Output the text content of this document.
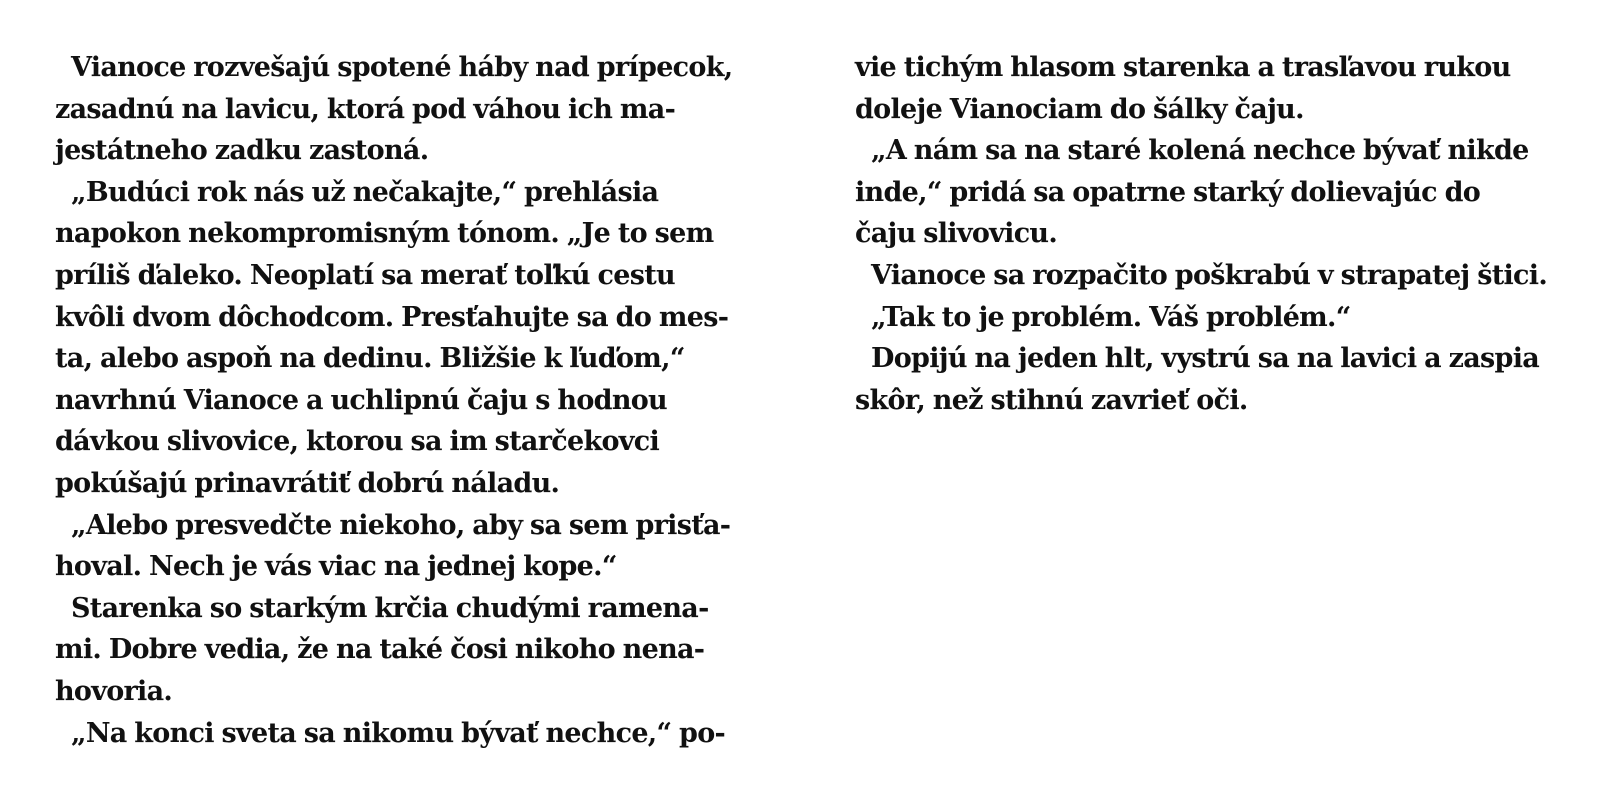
Vianoce rozvešajú spotené háby nad prípecok,
zasadnú na lavicu, ktorá pod váhou ich ma-
jestátneho zadku zastoná.
„Budúci rok nás už nečakajte,“ prehlásia
napokon nekompromisným tónom. „Je to sem
príliš ďaleko. Neoplatí sa merať toľkú cestu
kvôli dvom dôchodcom. Presťahujte sa do mes-
ta, alebo aspoň na dedinu. Bližšie k ľuďom,“
navrhnú Vianoce a uchlipnú čaju s hodnou
dávkou slivovice, ktorou sa im starčekovci
pokúšajú prinavrátiť dobrú náladu.
„Alebo presvedčte niekoho, aby sa sem prisťa-
hoval. Nech je vás viac na jednej kope.“
Starenka so starkým krčia chudými ramena-
mi. Dobre vedia, že na také čosi nikoho nena-
hovoria.
„Na konci sveta sa nikomu bývať nechce,“ po-
vie tichým hlasom starenka a trasľavou rukou
doleje Vianociam do šálky čaju.
„A nám sa na staré kolená nechce bývať nikde
inde,“ pridá sa opatrne starký dolievajúc do
čaju slivovicu.
Vianoce sa rozpačito poškrabú v strapatej štici.
„Tak to je problém. Váš problém.“
Dopijú na jeden hlt, vystrú sa na lavici a zaspia
skôr, než stihnú zavrieť oči.
